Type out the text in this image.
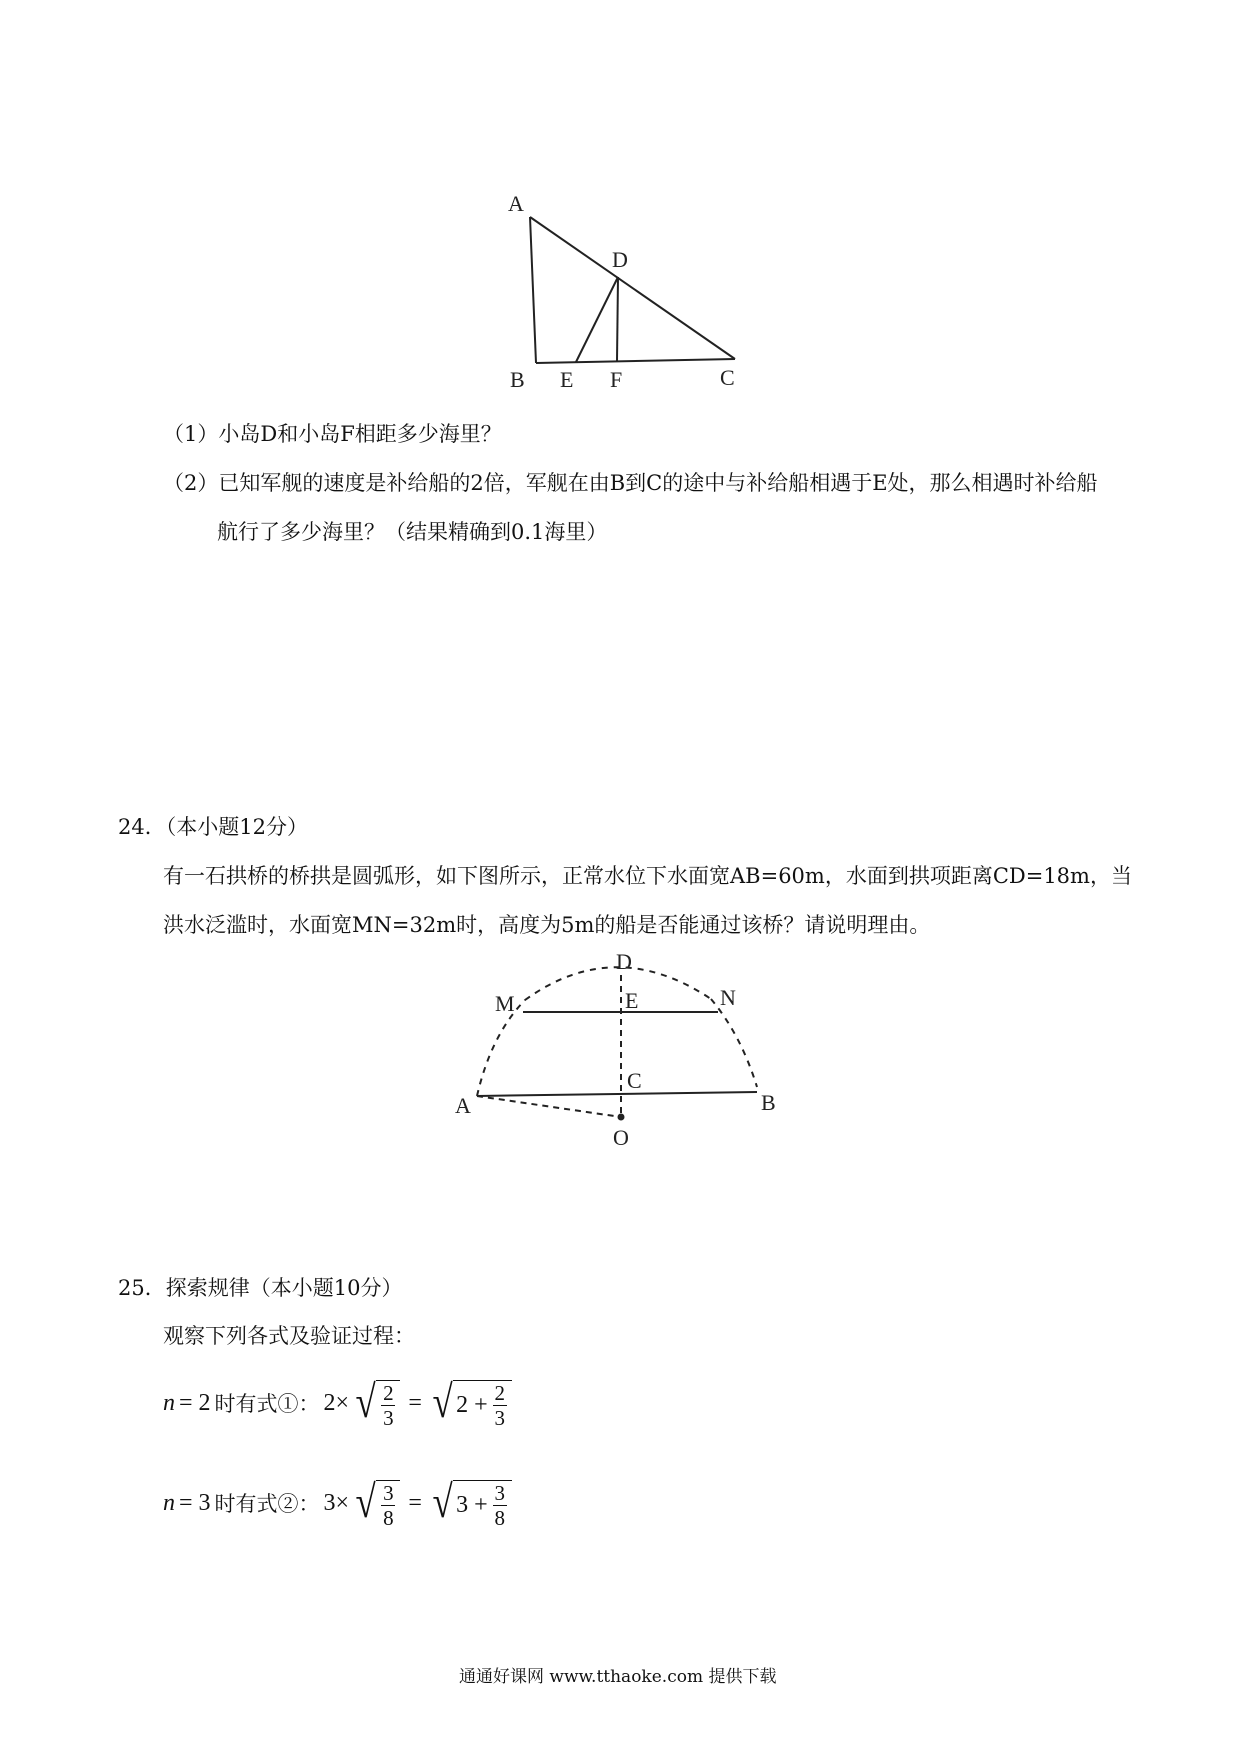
A
D
B E F	C
（1）小岛D和小岛F相距多少海里？
（2）已知军舰的速度是补给船的2倍，军舰在由B到C的途中与补给船相遇于E处，那么相遇时补给船
航行了多少海里？（结果精确到0.1海里）
24．（本小题12分）
有一石拱桥的桥拱是圆弧形，如下图所示，正常水位下水面宽AB=60m，水面到拱项距离CD=18m，当
洪水泛滥时，水面宽MN=32m时，高度为5m的船是否能通过该桥？请说明理由。
D
M	E	N
C
A	B
O
25．探索规律（本小题10分）
观察下列各式及验证过程：
n = 2 时有式①： 2× √ $\frac{2}{3}$ = √ $2 + \frac{2}{3}$
n = 3 时有式②： 3× √ $\frac{3}{8}$ = √ $3 + \frac{3}{8}$
通通好课网 www.tthaoke.com 提供下载
